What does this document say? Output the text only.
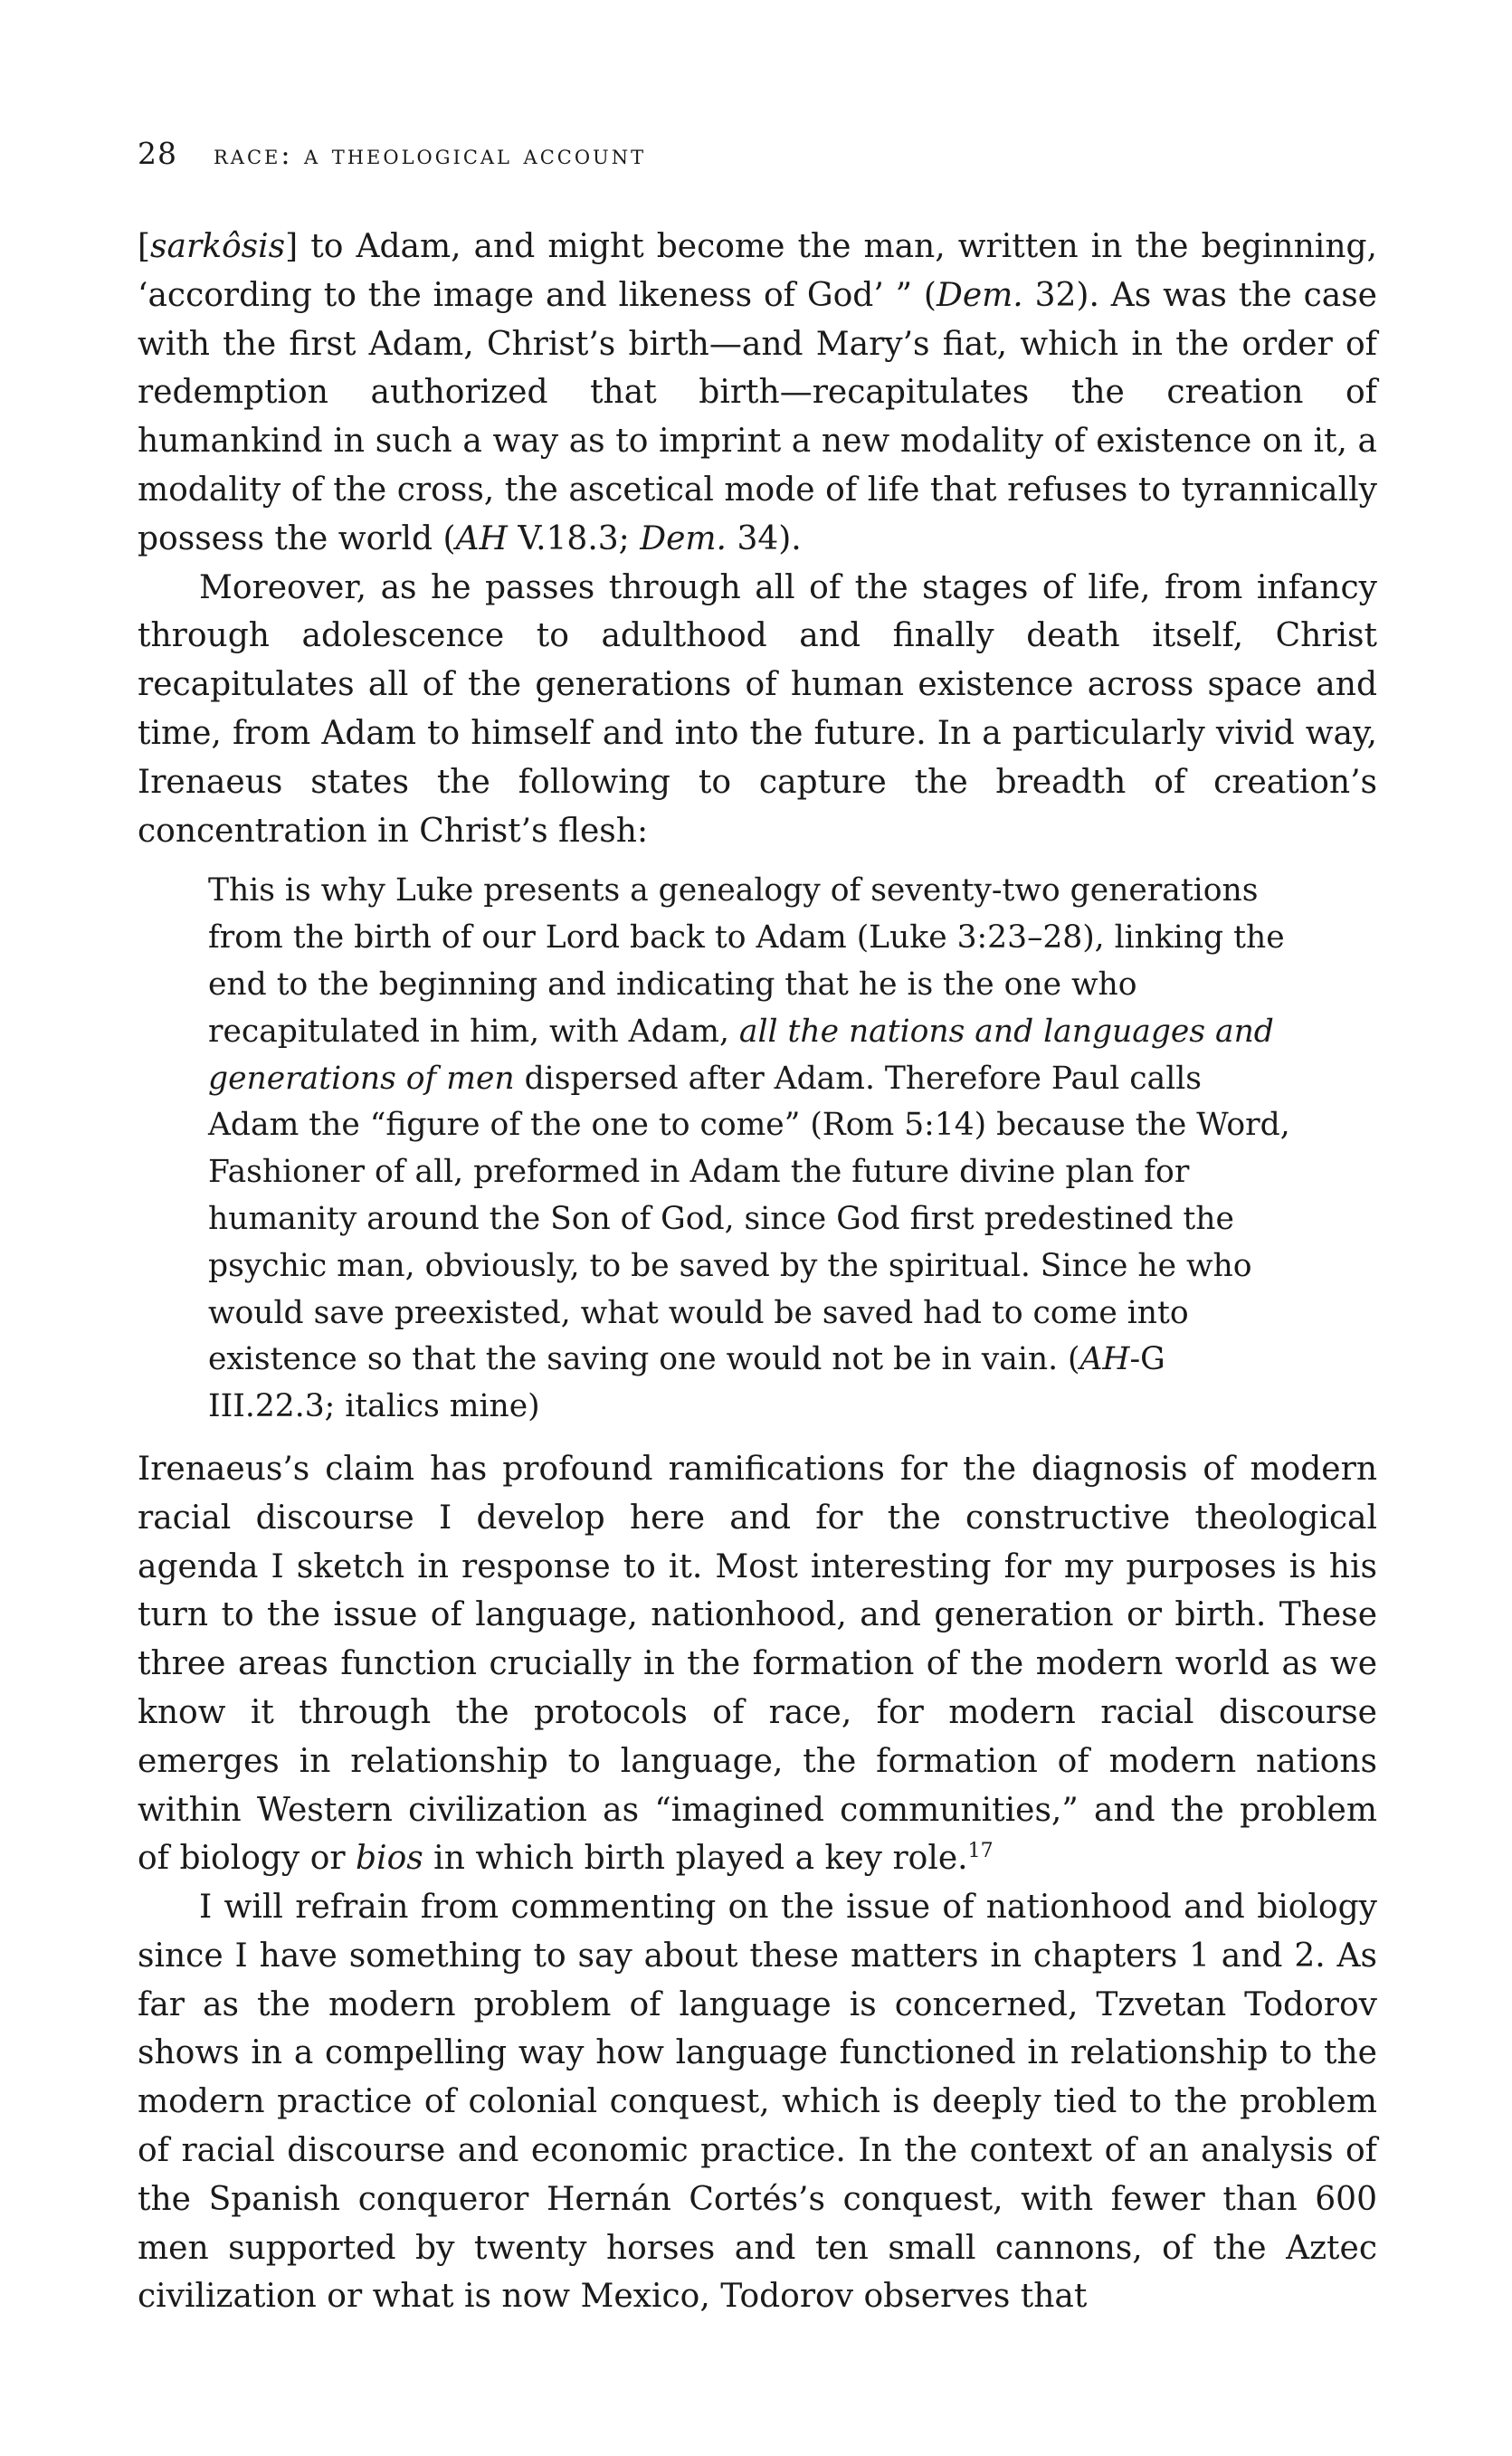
28 race: a theological account

[sarkôsis] to Adam, and might become the man, written in the beginning, ‘according to the image and likeness of God’ ” (Dem. 32). As was the case with the first Adam, Christ’s birth—and Mary’s fiat, which in the order of redemption authorized that birth—recapitulates the creation of humankind in such a way as to imprint a new modality of existence on it, a modality of the cross, the ascetical mode of life that refuses to tyrannically possess the world (AH V.18.3; Dem. 34).

Moreover, as he passes through all of the stages of life, from infancy through adolescence to adulthood and finally death itself, Christ recapitulates all of the generations of human existence across space and time, from Adam to himself and into the future. In a particularly vivid way, Irenaeus states the following to capture the breadth of creation’s concentration in Christ’s flesh:

This is why Luke presents a genealogy of seventy-two generations from the birth of our Lord back to Adam (Luke 3:23–28), linking the end to the beginning and indicating that he is the one who recapitulated in him, with Adam, all the nations and languages and generations of men dispersed after Adam. Therefore Paul calls Adam the “figure of the one to come” (Rom 5:14) because the Word, Fashioner of all, preformed in Adam the future divine plan for humanity around the Son of God, since God first predestined the psychic man, obviously, to be saved by the spiritual. Since he who would save preexisted, what would be saved had to come into existence so that the saving one would not be in vain. (AH-G III.22.3; italics mine)

Irenaeus’s claim has profound ramifications for the diagnosis of modern racial discourse I develop here and for the constructive theological agenda I sketch in response to it. Most interesting for my purposes is his turn to the issue of language, nationhood, and generation or birth. These three areas function crucially in the formation of the modern world as we know it through the protocols of race, for modern racial discourse emerges in relationship to language, the formation of modern nations within Western civilization as “imagined communities,” and the problem of biology or bios in which birth played a key role.$^{17}$

I will refrain from commenting on the issue of nationhood and biology since I have something to say about these matters in chapters 1 and 2. As far as the modern problem of language is concerned, Tzvetan Todorov shows in a compelling way how language functioned in relationship to the modern practice of colonial conquest, which is deeply tied to the problem of racial discourse and economic practice. In the context of an analysis of the Spanish conqueror Hernán Cortés’s conquest, with fewer than 600 men supported by twenty horses and ten small cannons, of the Aztec civilization or what is now Mexico, Todorov observes that
